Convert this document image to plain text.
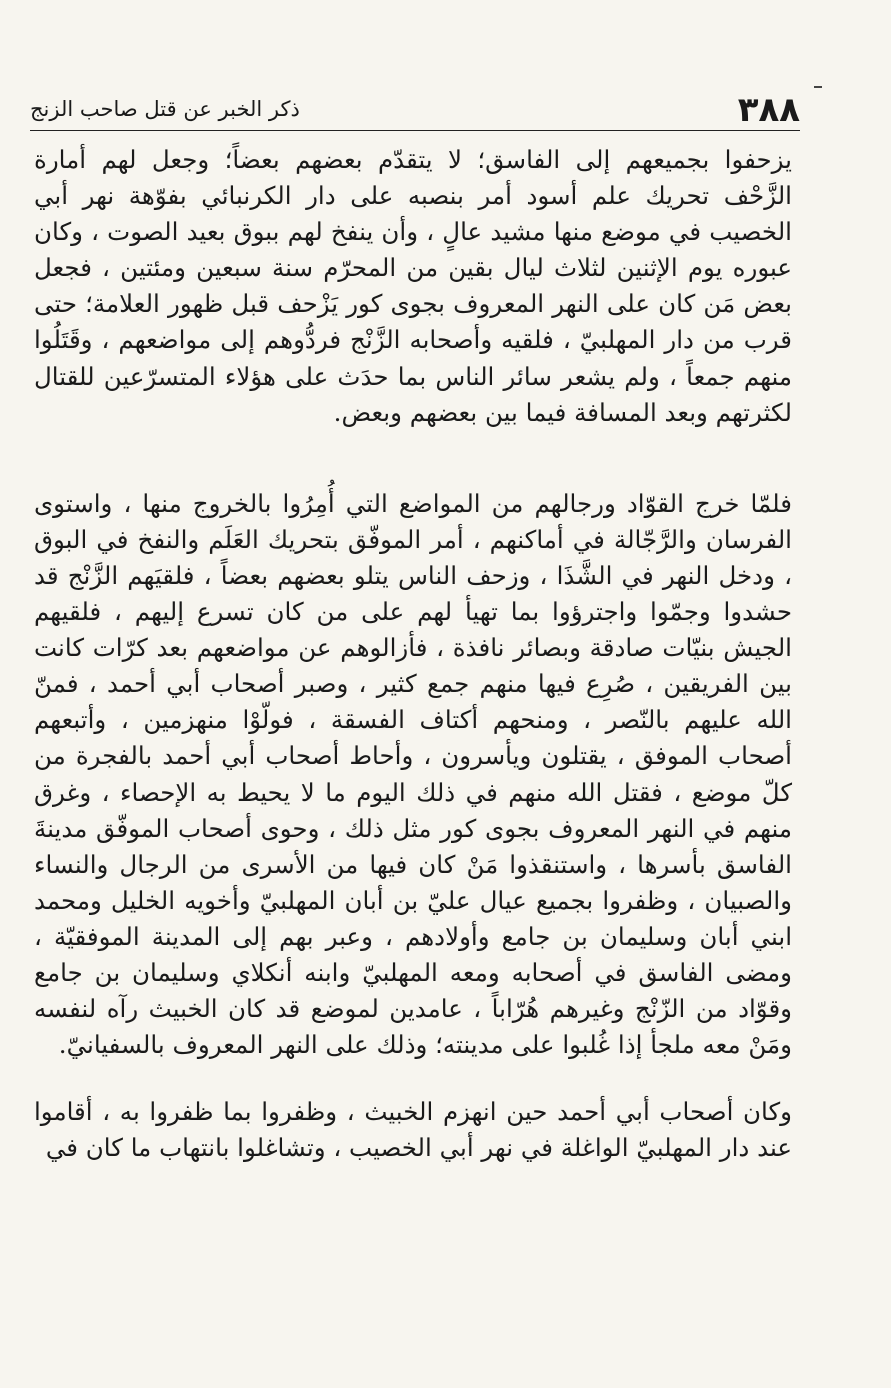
٣٨٨
ذكر الخبر عن قتل صاحب الزنج

يزحفوا بجميعهم إلى الفاسق؛ لا يتقدّم بعضهم بعضاً؛ وجعل لهم أمارة الزَّحْف تحريك علم أسود أمر بنصبه على دار الكرنبائي بفوّهة نهر أبي الخصيب في موضع منها مشيد عالٍ ، وأن ينفخ لهم ببوق بعيد الصوت ، وكان عبوره يوم الإثنين لثلاث ليال بقين من المحرّم سنة سبعين ومئتين ، فجعل بعض مَن كان على النهر المعروف بجوى كور يَزْحف قبل ظهور العلامة؛ حتى قرب من دار المهلبيّ ، فلقيه وأصحابه الزَّنْج فردُّوهم إلى مواضعهم ، وقَتَلُوا منهم جمعاً ، ولم يشعر سائر الناس بما حدَث على هؤلاء المتسرّعين للقتال لكثرتهم وبعد المسافة فيما بين بعضهم وبعض.

فلمّا خرج القوّاد ورجالهم من المواضع التي أُمِرُوا بالخروج منها ، واستوى الفرسان والرَّجّالة في أماكنهم ، أمر الموفّق بتحريك العَلَم والنفخ في البوق ، ودخل النهر في الشَّذَا ، وزحف الناس يتلو بعضهم بعضاً ، فلقيَهم الزَّنْج قد حشدوا وجمّوا واجترؤوا بما تهيأ لهم على من كان تسرع إليهم ، فلقيهم الجيش بنيّات صادقة وبصائر نافذة ، فأزالوهم عن مواضعهم بعد كرّات كانت بين الفريقين ، صُرِع فيها منهم جمع كثير ، وصبر أصحاب أبي أحمد ، فمنّ الله عليهم بالنّصر ، ومنحهم أكتاف الفسقة ، فولّوْا منهزمين ، وأتبعهم أصحاب الموفق ، يقتلون ويأسرون ، وأحاط أصحاب أبي أحمد بالفجرة من كلّ موضع ، فقتل الله منهم في ذلك اليوم ما لا يحيط به الإحصاء ، وغرق منهم في النهر المعروف بجوى كور مثل ذلك ، وحوى أصحاب الموفّق مدينةَ الفاسق بأسرها ، واستنقذوا مَنْ كان فيها من الأسرى من الرجال والنساء والصبيان ، وظفروا بجميع عيال عليّ بن أبان المهلبيّ وأخويه الخليل ومحمد ابني أبان وسليمان بن جامع وأولادهم ، وعبر بهم إلى المدينة الموفقيّة ، ومضى الفاسق في أصحابه ومعه المهلبيّ وابنه أنكلاي وسليمان بن جامع وقوّاد من الزّنْج وغيرهم هُرّاباً ، عامدين لموضع قد كان الخبيث رآه لنفسه ومَنْ معه ملجأ إذا غُلبوا على مدينته؛ وذلك على النهر المعروف بالسفيانيّ.

وكان أصحاب أبي أحمد حين انهزم الخبيث ، وظفروا بما ظفروا به ، أقاموا عند دار المهلبيّ الواغلة في نهر أبي الخصيب ، وتشاغلوا بانتهاب ما كان في
